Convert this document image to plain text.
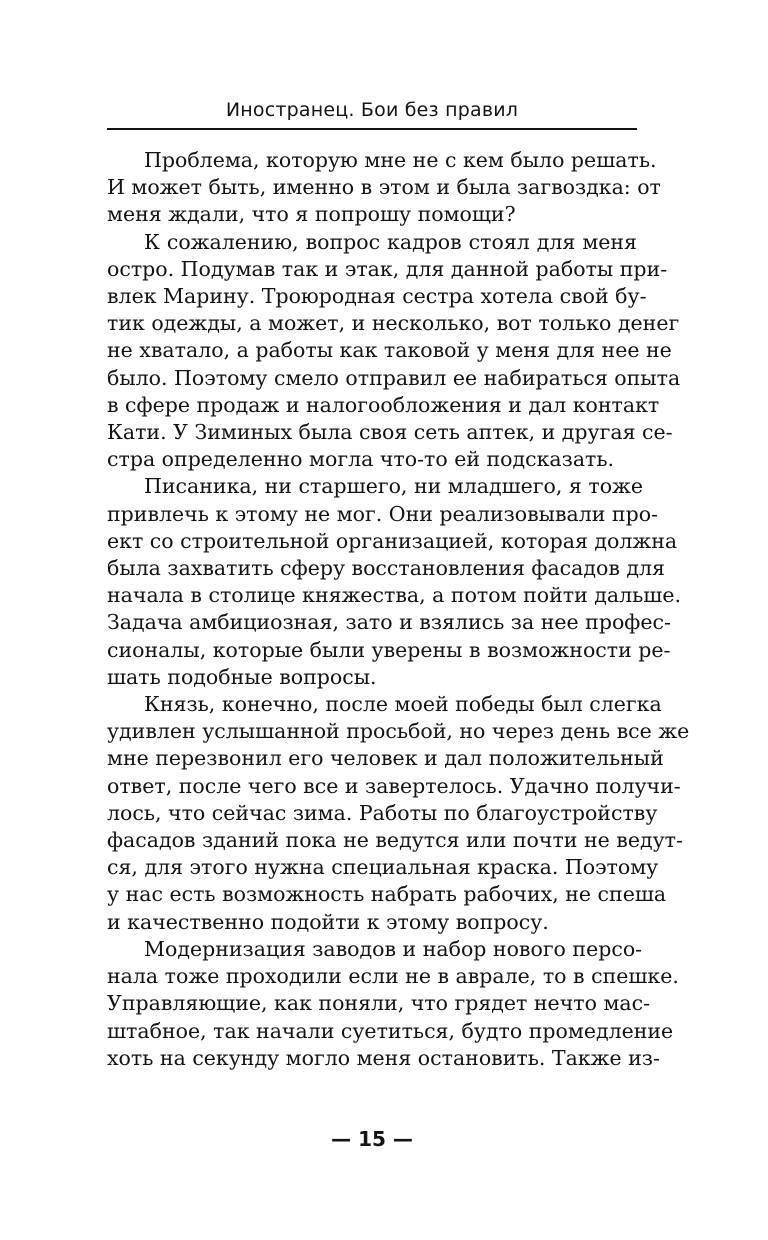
Иностранец. Бои без правил
Проблема, которую мне не с кем было решать.
И может быть, именно в этом и была загвоздка: от
меня ждали, что я попрошу помощи?
К сожалению, вопрос кадров стоял для меня
остро. Подумав так и этак, для данной работы при-
влек Марину. Троюродная сестра хотела свой бу-
тик одежды, а может, и несколько, вот только денег
не хватало, а работы как таковой у меня для нее не
было. Поэтому смело отправил ее набираться опыта
в сфере продаж и налогообложения и дал контакт
Кати. У Зиминых была своя сеть аптек, и другая се-
стра определенно могла что-то ей подсказать.
Писаника, ни старшего, ни младшего, я тоже
привлечь к этому не мог. Они реализовывали про-
ект со строительной организацией, которая должна
была захватить сферу восстановления фасадов для
начала в столице княжества, а потом пойти дальше.
Задача амбициозная, зато и взялись за нее профес-
сионалы, которые были уверены в возможности ре-
шать подобные вопросы.
Князь, конечно, после моей победы был слегка
удивлен услышанной просьбой, но через день все же
мне перезвонил его человек и дал положительный
ответ, после чего все и завертелось. Удачно получи-
лось, что сейчас зима. Работы по благоустройству
фасадов зданий пока не ведутся или почти не ведут-
ся, для этого нужна специальная краска. Поэтому
у нас есть возможность набрать рабочих, не спеша
и качественно подойти к этому вопросу.
Модернизация заводов и набор нового персо-
нала тоже проходили если не в авралe, то в спешке.
Управляющие, как поняли, что грядет нечто мас-
штабное, так начали суетиться, будто промедление
хоть на секунду могло меня остановить. Также из-
— 15 —
